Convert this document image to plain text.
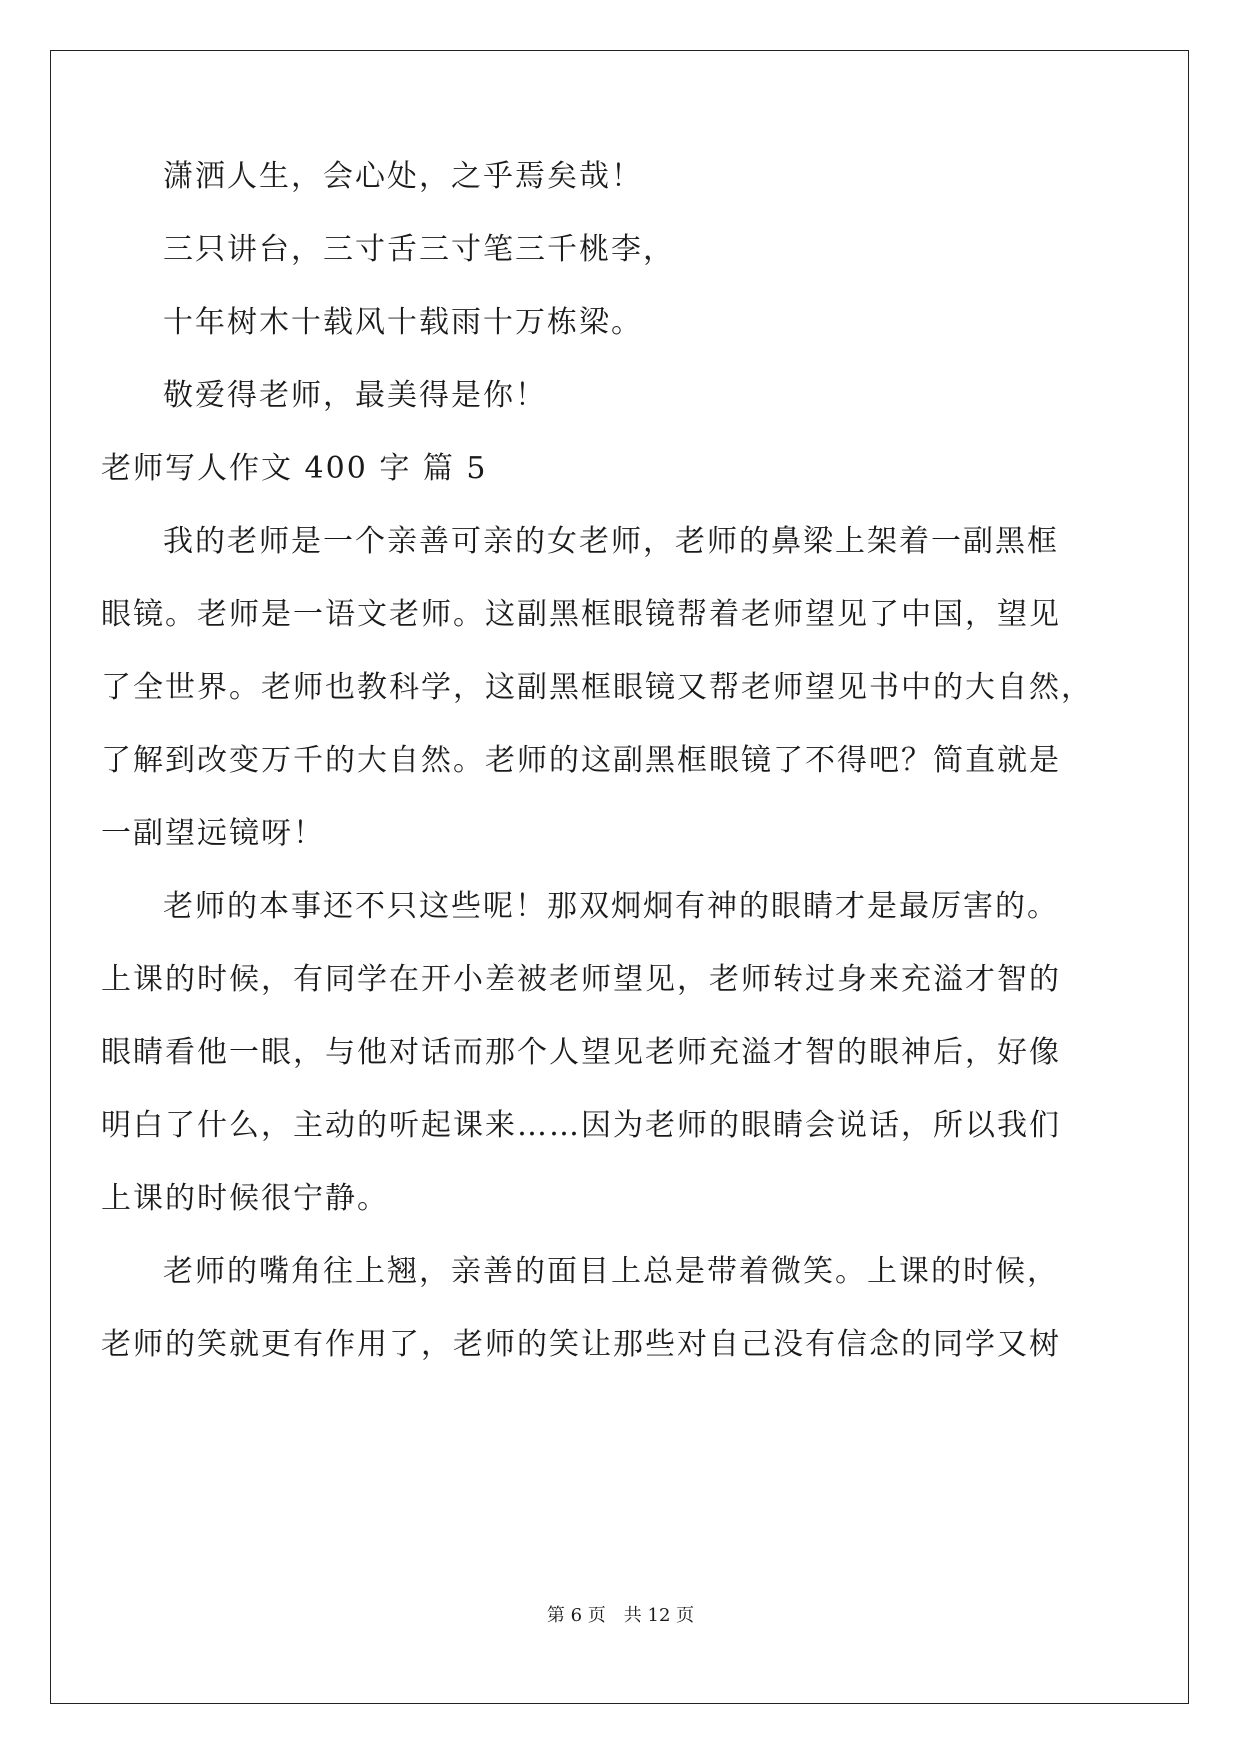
潇洒人生，会心处，之乎焉矣哉！
三只讲台，三寸舌三寸笔三千桃李，
十年树木十载风十载雨十万栋梁。
敬爱得老师，最美得是你！
老师写人作文 400 字 篇 5
我的老师是一个亲善可亲的女老师，老师的鼻梁上架着一副黑框
眼镜。老师是一语文老师。这副黑框眼镜帮着老师望见了中国，望见
了全世界。老师也教科学，这副黑框眼镜又帮老师望见书中的大自然，
了解到改变万千的大自然。老师的这副黑框眼镜了不得吧？简直就是
一副望远镜呀！
老师的本事还不只这些呢！那双炯炯有神的眼睛才是最厉害的。
上课的时候，有同学在开小差被老师望见，老师转过身来充溢才智的
眼睛看他一眼，与他对话而那个人望见老师充溢才智的眼神后，好像
明白了什么，主动的听起课来……因为老师的眼睛会说话，所以我们
上课的时候很宁静。
老师的嘴角往上翘，亲善的面目上总是带着微笑。上课的时候，
老师的笑就更有作用了，老师的笑让那些对自己没有信念的同学又树
第 6 页 共 12 页
